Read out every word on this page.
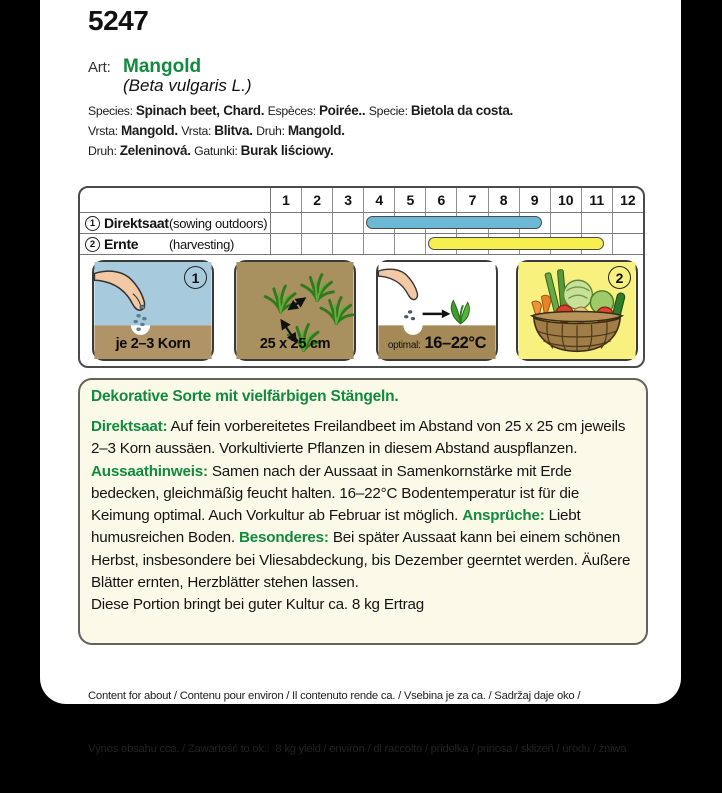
5247
Art: Mangold
(Beta vulgaris L.)
Species: Spinach beet, Chard. Espèces: Poirée.. Specie: Bietola da costa.
Vrsta: Mangold. Vrsta: Blitva. Druh: Mangold.
Druh: Zeleninová. Gatunki: Burak liściowy.
1	2	3	4	5	6	7	8	9	10	11	12
1 Direktsaat (sowing outdoors)
2 Ernte (harvesting)
1
je 2–3 Korn	25 x 25 cm	optimal: 16–22°C
2
Dekorative Sorte mit vielfärbigen Stängeln.
Direktsaat: Auf fein vorbereitetes Freilandbeet im Abstand von 25 x 25 cm jeweils 2–3 Korn aussäen. Vorkultivierte Pflanzen in diesem Abstand auspflanzen. Aussaathinweis: Samen nach der Aussaat in Samenkornstärke mit Erde bedecken, gleichmäßig feucht halten. 16–22°C Bodentemperatur ist für die Keimung optimal. Auch Vorkultur ab Februar ist möglich. Ansprüche: Liebt humusreichen Boden. Besonderes: Bei später Aussaat kann bei einem schönen Herbst, insbesondere bei Vliesabdeckung, bis Dezember geerntet werden. Äußere Blätter ernten, Herzblätter stehen lassen.
Diese Portion bringt bei guter Kultur ca. 8 kg Ertrag

Content for about / Contenu pour environ / Il contenuto rende ca. / Vsebina je za ca. / Sadržaj daje oko /

Výnos obsahu cca. / Zawartość to ok.:  8 kg yield / environ / di raccolto / pridelka / prinosa / sklizeň / úrodu / żniwa
